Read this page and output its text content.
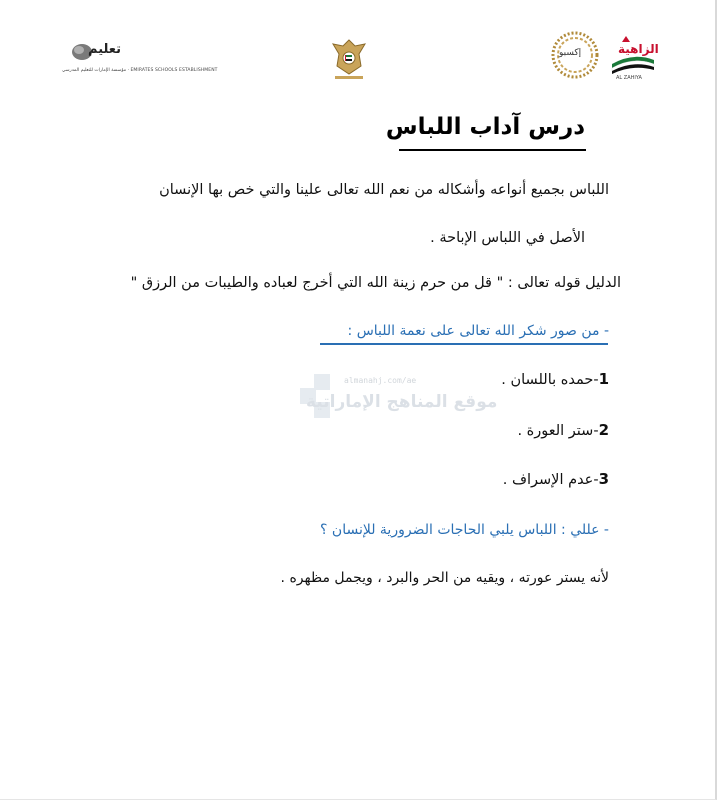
تعليم
مؤسسة الإمارات للتعليم المدرسي · EMIRATES SCHOOLS ESTABLISHMENT
إكسبو	الزاهية
AL ZAHIYA
درس آداب اللباس
اللباس بجميع أنواعه وأشكاله من نعم الله تعالى علينا والتي خص بها الإنسان
الأصل في اللباس الإباحة .
الدليل قوله تعالى : " قل من حرم زينة الله التي أخرج لعباده والطيبات من الرزق "
- من صور شكر الله تعالى على نعمة اللباس :
1-حمده باللسان .
2-ستر العورة .
3-عدم الإسراف .
- عللي : اللباس يلبي الحاجات الضرورية للإنسان ؟
لأنه يستر عورته ، ويقيه من الحر والبرد ، ويجمل مظهره .
almanahj.com/ae
موقع المناهج الإماراتية
